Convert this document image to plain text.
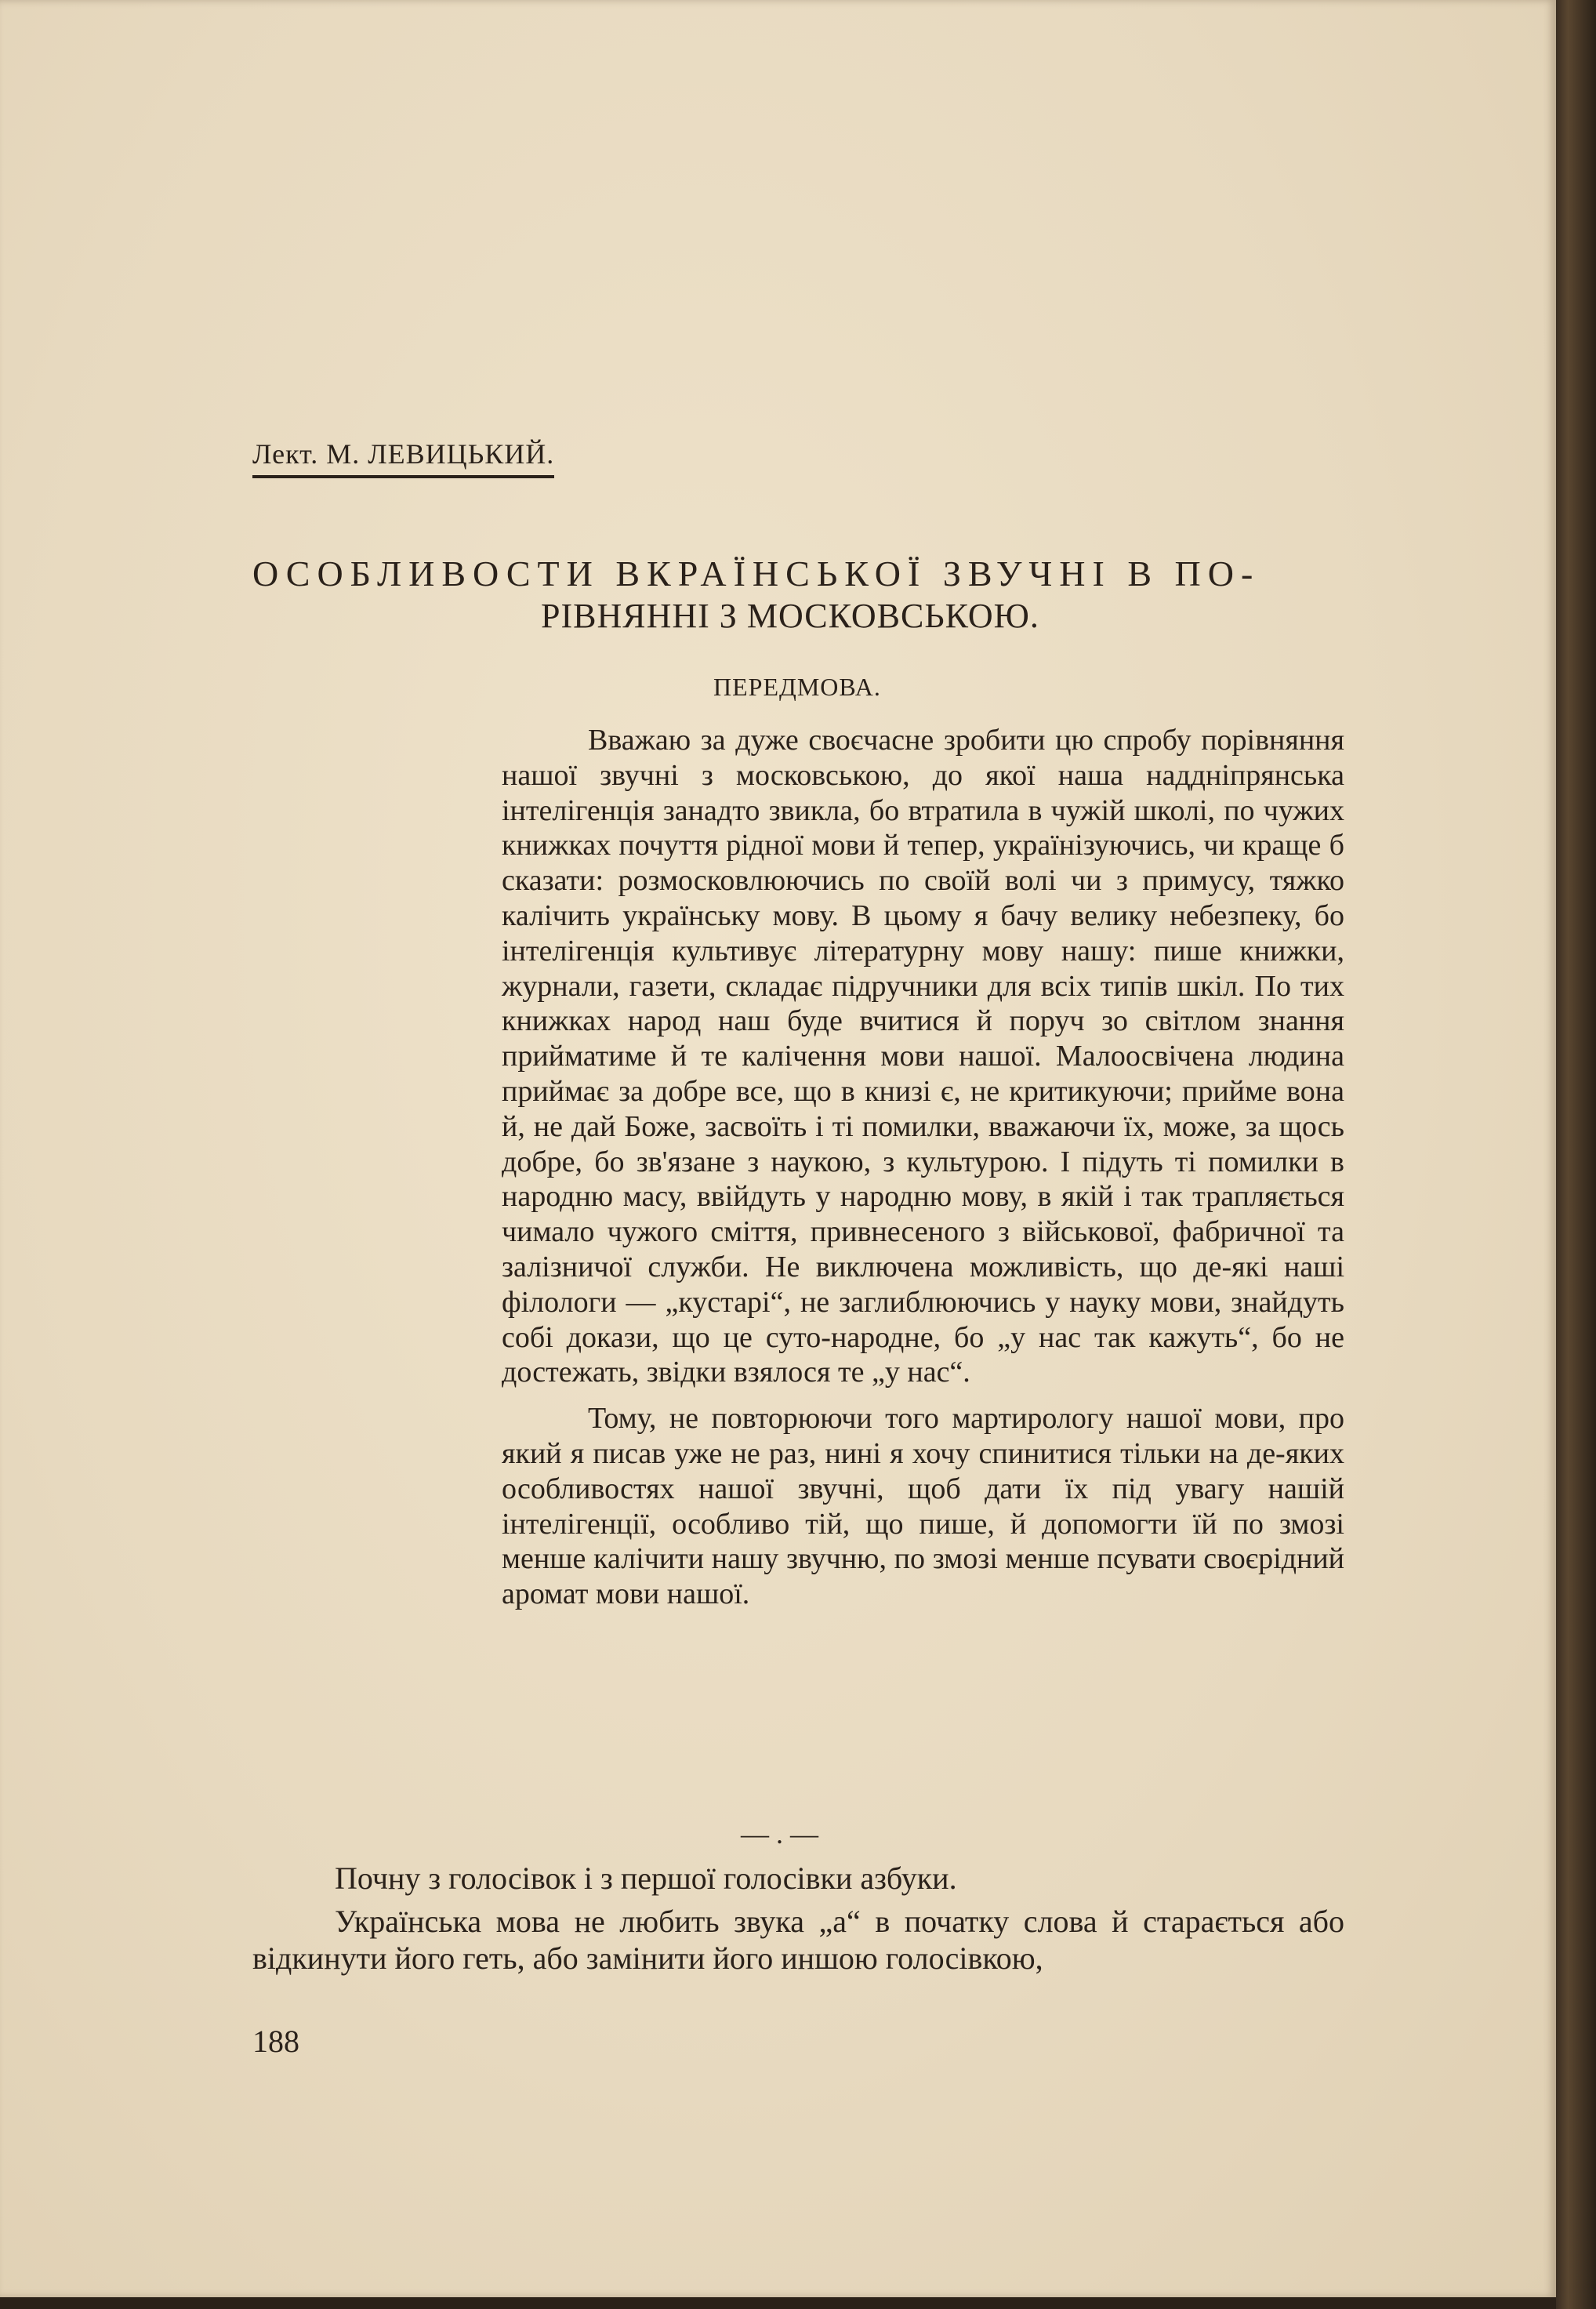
Лект. М. ЛЕВИЦЬКИЙ.
ОСОБЛИВОСТИ ВКРАЇНСЬКОЇ ЗВУЧНІ В ПО-
РІВНЯННІ З МОСКОВСЬКОЮ.
ПЕРЕДМОВА.

Вважаю за дуже своєчасне зробити цю спробу порівняння нашої звучні з московською, до якої наша наддніпрянська інтелігенція занадто звикла, бо втратила в чужій школі, по чужих книжках почуття рідної мови й тепер, українізуючись, чи краще б сказати: розмосковлюючись по своїй волі чи з примусу, тяжко калічить українську мову. В цьому я бачу велику небезпеку, бо інтелігенція культивує літературну мову нашу: пише книжки, журнали, газети, складає підручники для всіх типів шкіл. По тих книжках народ наш буде вчитися й поруч зо світлом знання прийматиме й те калічення мови нашої. Малоосвічена людина приймає за добре все, що в книзі є, не критикуючи; прийме вона й, не дай Боже, засвоїть і ті помилки, вважаючи їх, може, за щось добре, бо зв'язане з наукою, з культурою. І підуть ті помилки в народню масу, ввійдуть у народню мову, в якій і так трапляється чимало чужого сміття, привнесеного з військової, фабричної та залізничої служби. Не виключена можливість, що де-які наші філологи — „кустарі“, не заглиблюючись у науку мови, знайдуть собі докази, що це суто-народне, бо „у нас так кажуть“, бо не достежать, звідки взялося те „у нас“.

Тому, не повторюючи того мартирологу нашої мови, про який я писав уже не раз, нині я хочу спинитися тільки на де-яких особливостях нашої звучні, щоб дати їх під увагу нашій інтелігенції, особливо тій, що пише, й допомогти їй по змозі менше калічити нашу звучню, по змозі менше псувати своєрідний аромат мови нашої.

— . —

Почну з голосівок і з першої голосівки азбуки.

Українська мова не любить звука „а“ в початку слова й старається або відкинути його геть, або замінити його иншою голосівкою,

188
